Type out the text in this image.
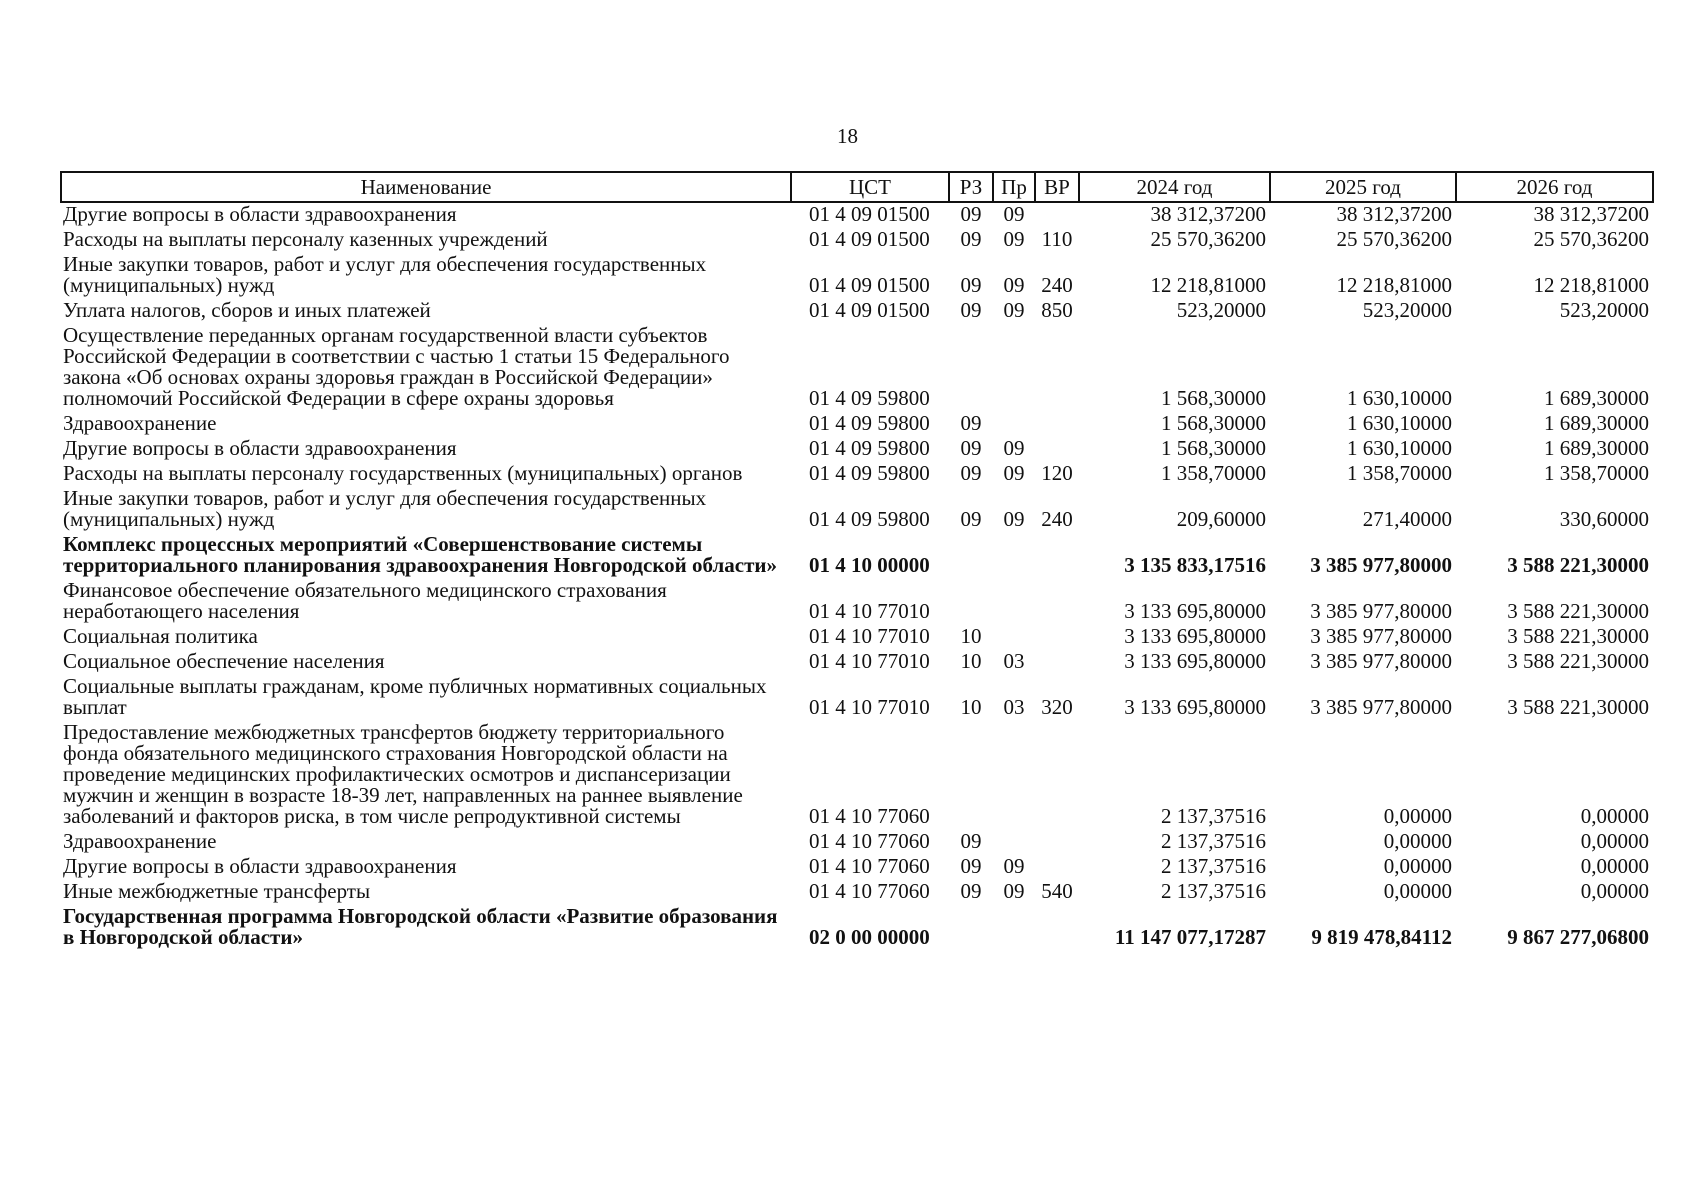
18
Наименование	ЦСТ	РЗ	Пр	ВР	2024 год	2025 год	2026 год
Другие вопросы в области здравоохранения	01 4 09 01500	09	09		38 312,37200	38 312,37200	38 312,37200
Расходы на выплаты персоналу казенных учреждений	01 4 09 01500	09	09	110	25 570,36200	25 570,36200	25 570,36200
Иные закупки товаров, работ и услуг для обеспечения государственных (муниципальных) нужд	01 4 09 01500	09	09	240	12 218,81000	12 218,81000	12 218,81000
Уплата налогов, сборов и иных платежей	01 4 09 01500	09	09	850	523,20000	523,20000	523,20000
Осуществление переданных органам государственной власти субъектов Российской Федерации в соответствии с частью 1 статьи 15 Федерального закона «Об основах охраны здоровья граждан в Российской Федерации» полномочий Российской Федерации в сфере охраны здоровья	01 4 09 59800				1 568,30000	1 630,10000	1 689,30000
Здравоохранение	01 4 09 59800	09			1 568,30000	1 630,10000	1 689,30000
Другие вопросы в области здравоохранения	01 4 09 59800	09	09		1 568,30000	1 630,10000	1 689,30000
Расходы на выплаты персоналу государственных (муниципальных) органов	01 4 09 59800	09	09	120	1 358,70000	1 358,70000	1 358,70000
Иные закупки товаров, работ и услуг для обеспечения государственных (муниципальных) нужд	01 4 09 59800	09	09	240	209,60000	271,40000	330,60000
Комплекс процессных мероприятий «Совершенствование системы территориального планирования здравоохранения Новгородской области»	01 4 10 00000				3 135 833,17516	3 385 977,80000	3 588 221,30000
Финансовое обеспечение обязательного медицинского страхования неработающего населения	01 4 10 77010				3 133 695,80000	3 385 977,80000	3 588 221,30000
Социальная политика	01 4 10 77010	10			3 133 695,80000	3 385 977,80000	3 588 221,30000
Социальное обеспечение населения	01 4 10 77010	10	03		3 133 695,80000	3 385 977,80000	3 588 221,30000
Социальные выплаты гражданам, кроме публичных нормативных социальных выплат	01 4 10 77010	10	03	320	3 133 695,80000	3 385 977,80000	3 588 221,30000
Предоставление межбюджетных трансфертов бюджету территориального фонда обязательного медицинского страхования Новгородской области на проведение медицинских профилактических осмотров и диспансеризации мужчин и женщин в возрасте 18-39 лет, направленных на раннее выявление заболеваний и факторов риска, в том числе репродуктивной системы	01 4 10 77060				2 137,37516	0,00000	0,00000
Здравоохранение	01 4 10 77060	09			2 137,37516	0,00000	0,00000
Другие вопросы в области здравоохранения	01 4 10 77060	09	09		2 137,37516	0,00000	0,00000
Иные межбюджетные трансферты	01 4 10 77060	09	09	540	2 137,37516	0,00000	0,00000
Государственная программа Новгородской области «Развитие образования в Новгородской области»	02 0 00 00000				11 147 077,17287	9 819 478,84112	9 867 277,06800
